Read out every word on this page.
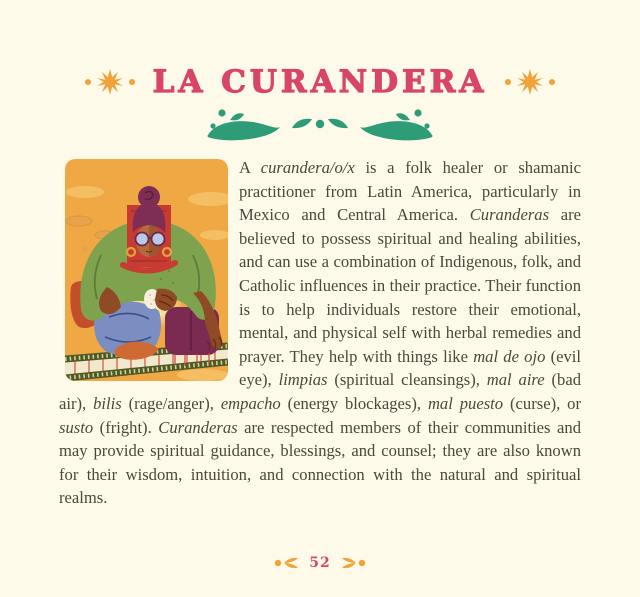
LA CURANDERA

A curandera/o/x is a folk healer or shamanic practitioner from Latin America, particularly in Mexico and Central America. Curanderas are believed to possess spiritual and healing abilities, and can use a combination of Indigenous, folk, and Catholic influences in their practice. Their function is to help individuals restore their emotional, mental, and physical self with herbal remedies and prayer. They help with things like mal de ojo (evil eye), limpias (spiritual cleansings), mal aire (bad air), bilis (rage/anger), empacho (energy blockages), mal puesto (curse), or susto (fright). Curanderas are respected members of their communities and may provide spiritual guidance, blessings, and counsel; they are also known for their wisdom, intuition, and connection with the natural and spiritual realms.

52
